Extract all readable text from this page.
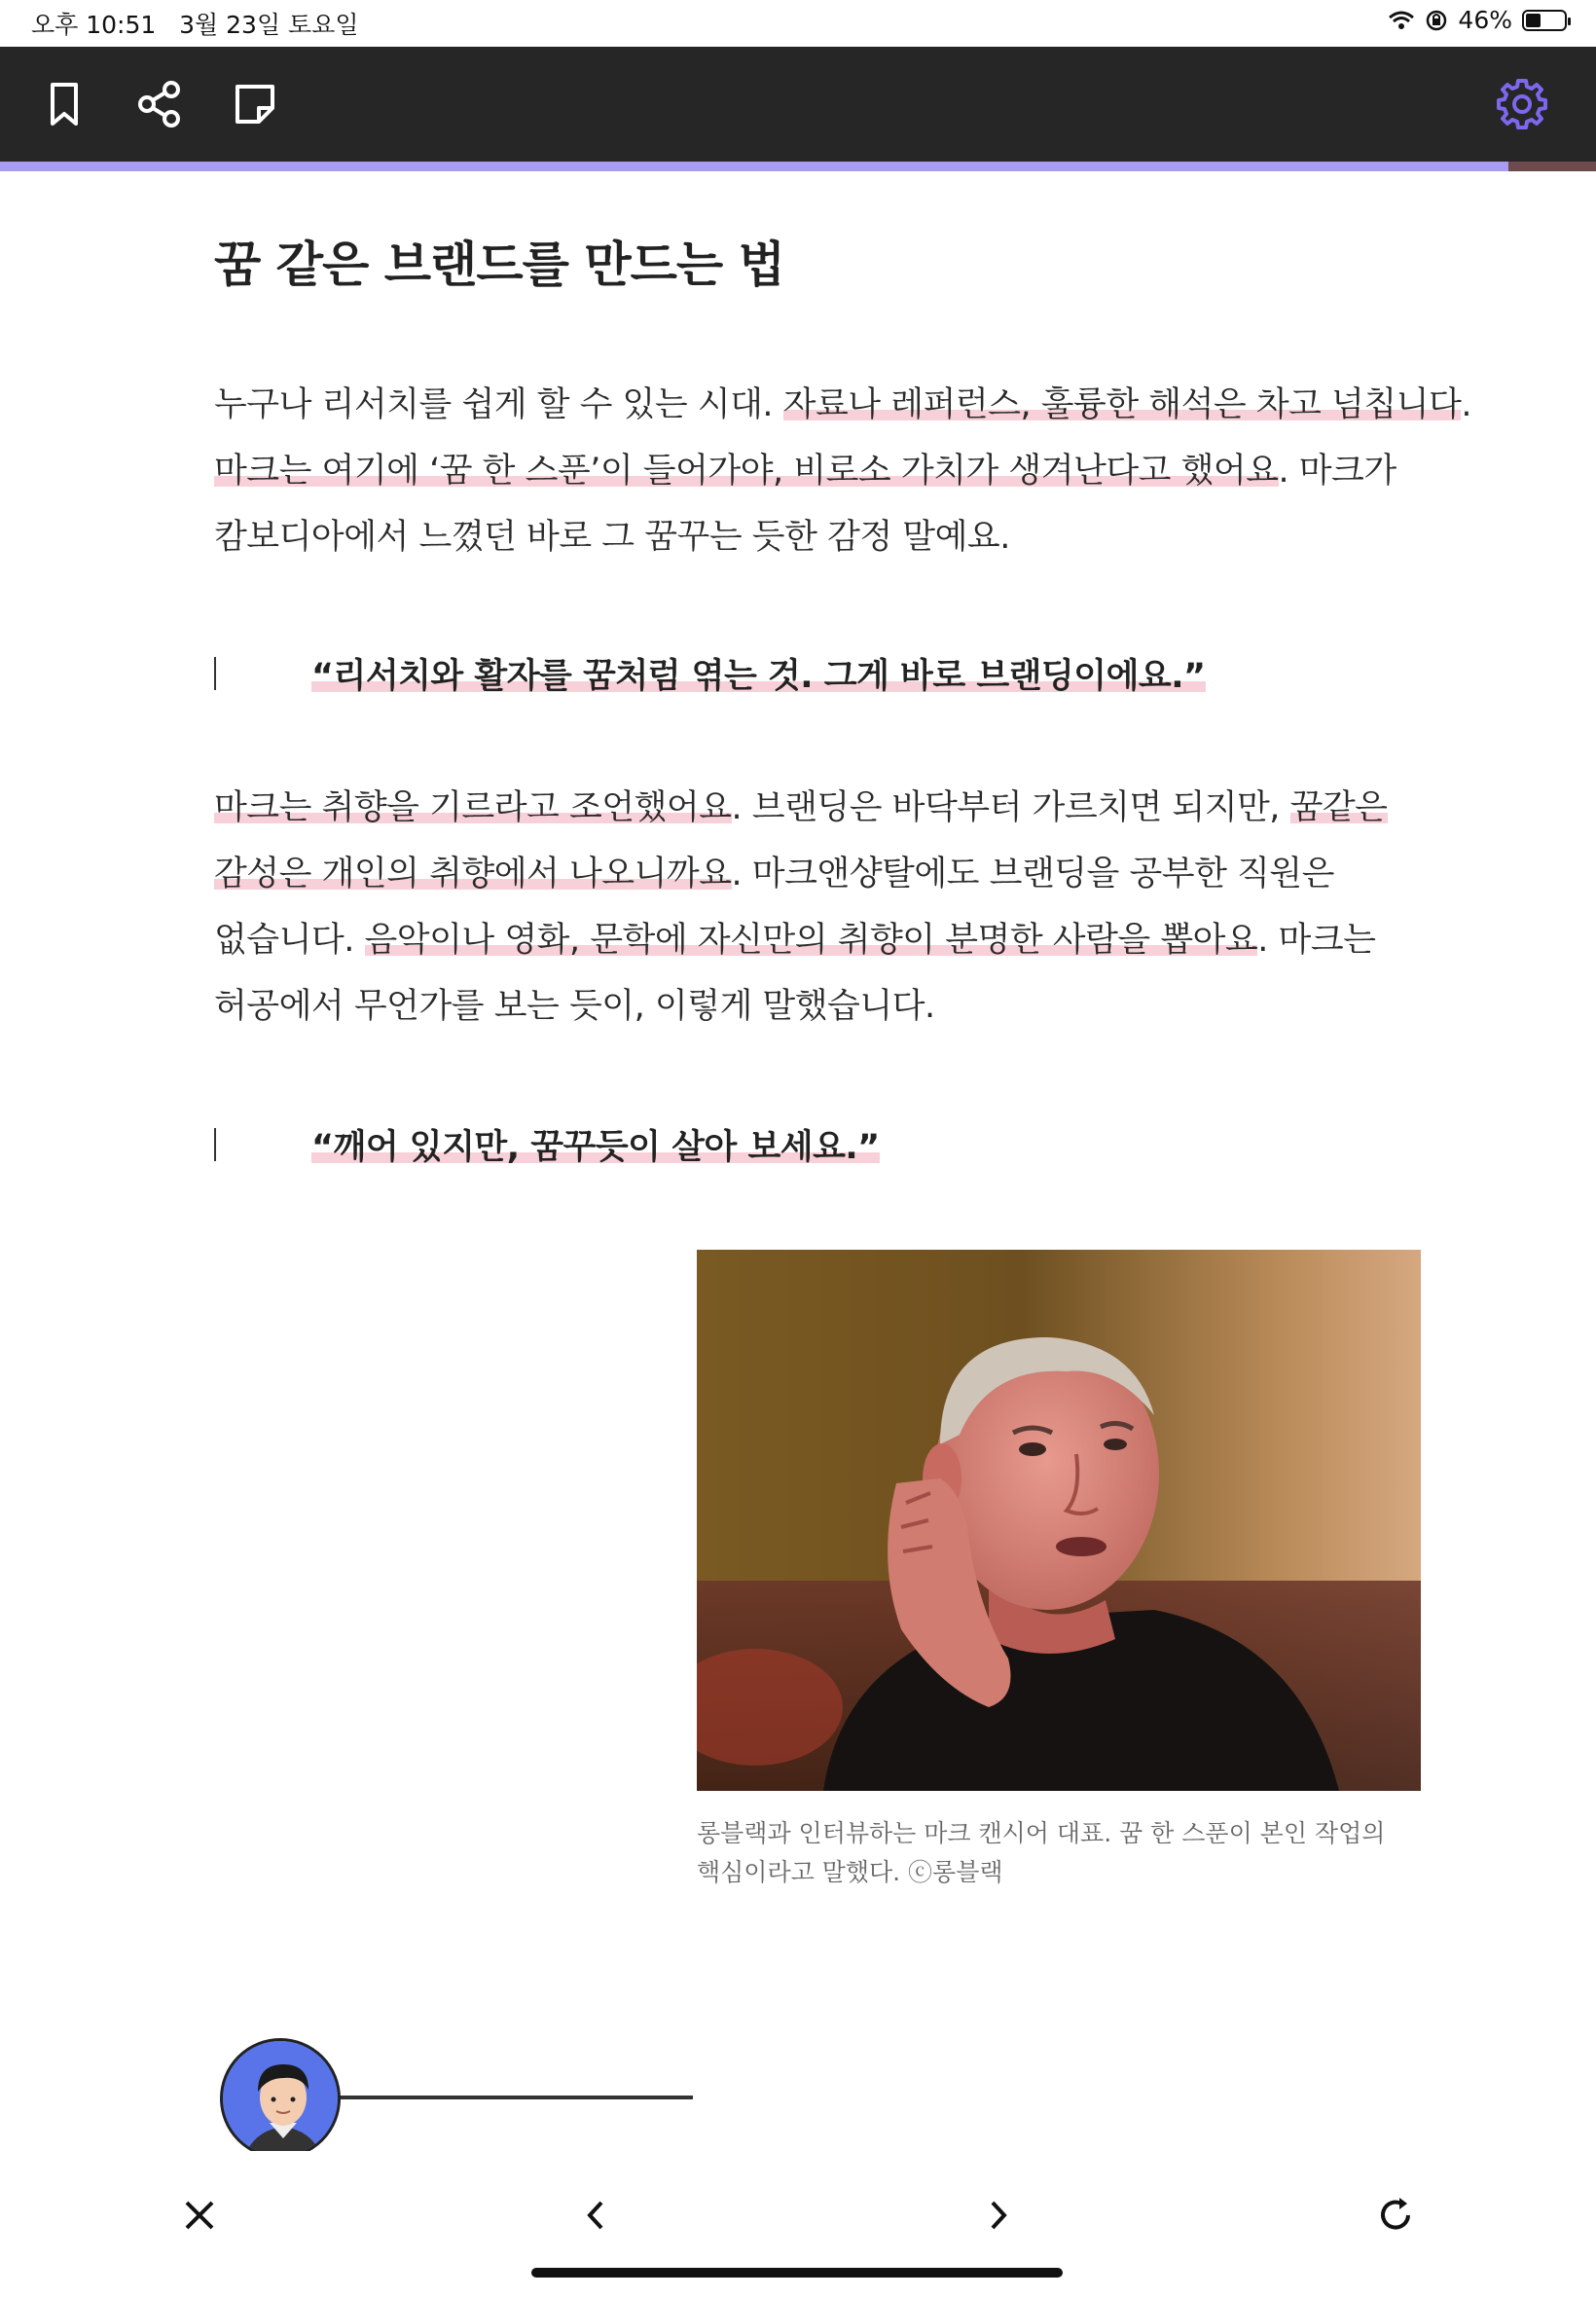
오후 10:51 3월 23일 토요일	46%
꿈 같은 브랜드를 만드는 법

누구나 리서치를 쉽게 할 수 있는 시대. 자료나 레퍼런스, 훌륭한 해석은 차고 넘칩니다.

마크는 여기에 ‘꿈 한 스푼’이 들어가야, 비로소 가치가 생겨난다고 했어요. 마크가

캄보디아에서 느꼈던 바로 그 꿈꾸는 듯한 감정 말예요.

“리서치와 활자를 꿈처럼 엮는 것. 그게 바로 브랜딩이에요.”

마크는 취향을 기르라고 조언했어요. 브랜딩은 바닥부터 가르치면 되지만, 꿈같은

감성은 개인의 취향에서 나오니까요. 마크앤샹탈에도 브랜딩을 공부한 직원은

없습니다. 음악이나 영화, 문학에 자신만의 취향이 분명한 사람을 뽑아요. 마크는

허공에서 무언가를 보는 듯이, 이렇게 말했습니다.

“깨어 있지만, 꿈꾸듯이 살아 보세요.”
롱블랙과 인터뷰하는 마크 캔시어 대표. 꿈 한 스푼이 본인 작업의
핵심이라고 말했다. ⓒ롱블랙
